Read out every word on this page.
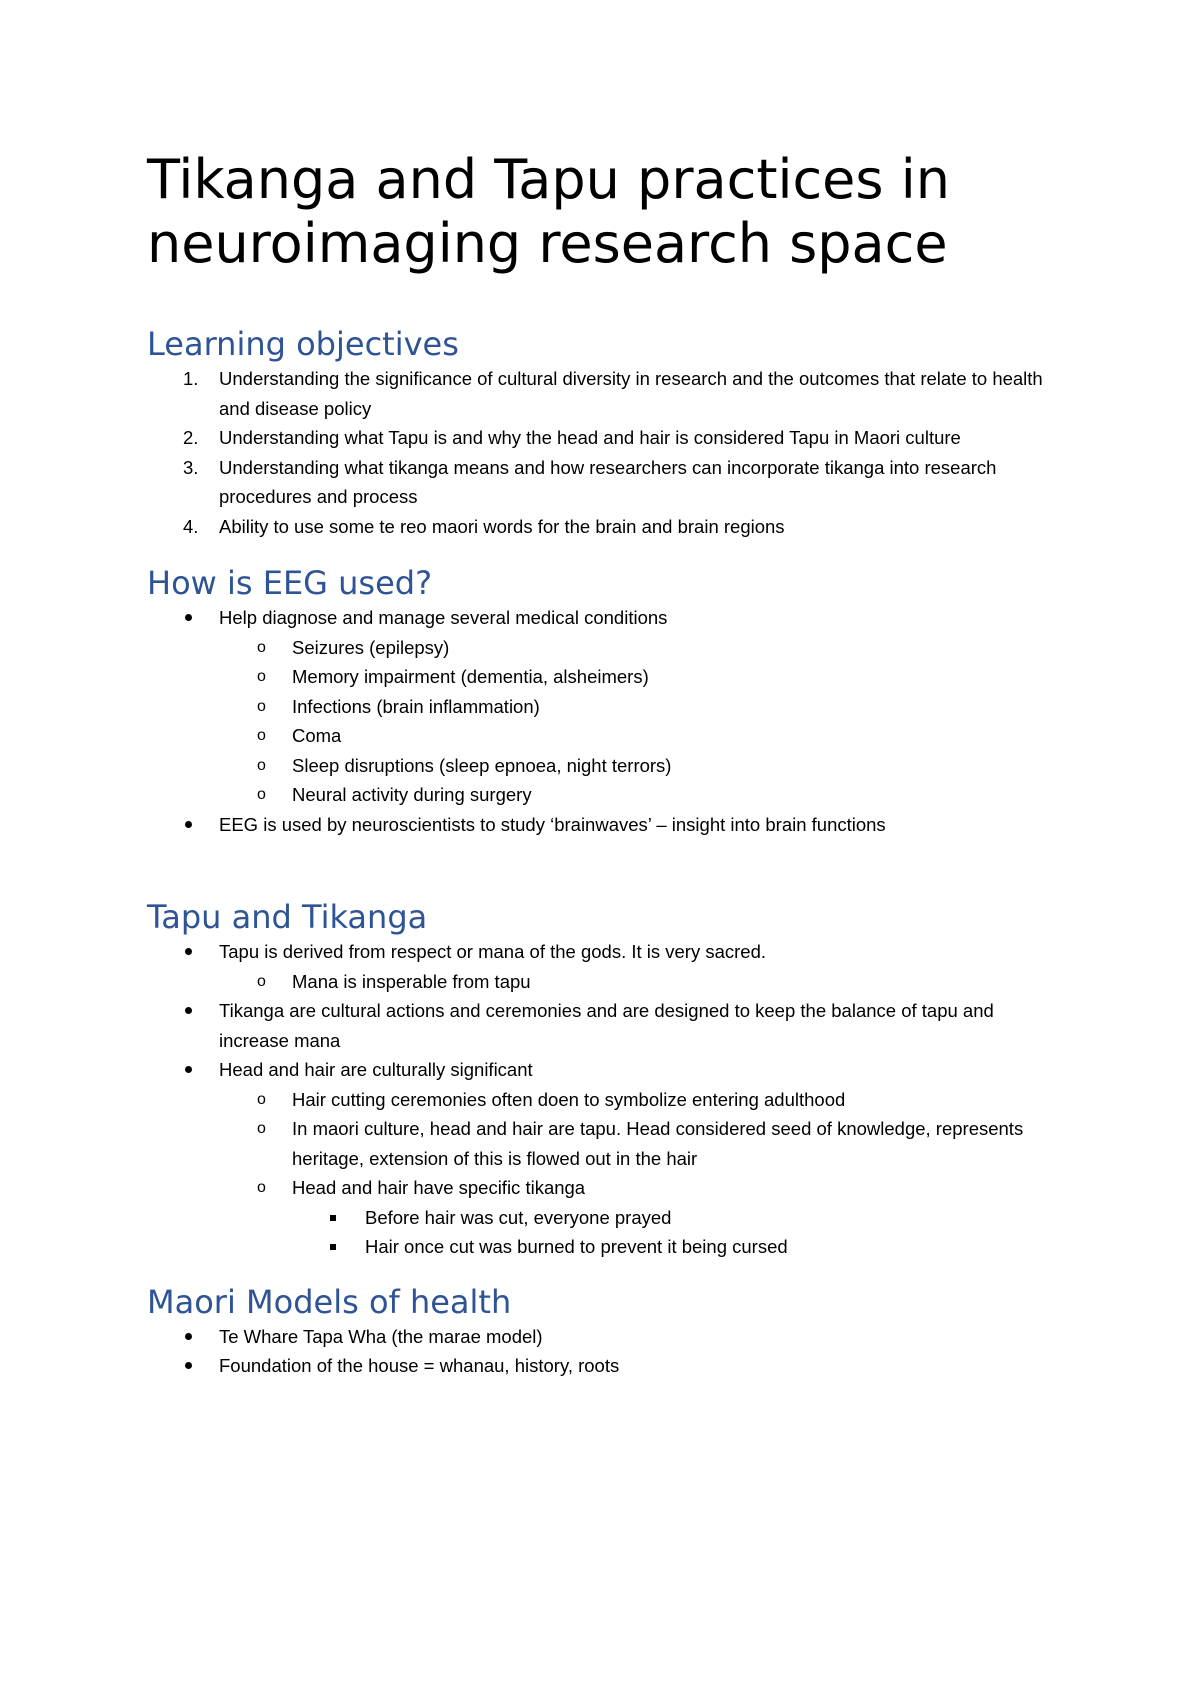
Tikanga and Tapu practices in neuroimaging research space
Learning objectives
1. Understanding the significance of cultural diversity in research and the outcomes that relate to health and disease policy
2. Understanding what Tapu is and why the head and hair is considered Tapu in Maori culture
3. Understanding what tikanga means and how researchers can incorporate tikanga into research procedures and process
4. Ability to use some te reo maori words for the brain and brain regions
How is EEG used?
Help diagnose and manage several medical conditions
o Seizures (epilepsy)
o Memory impairment (dementia, alsheimers)
o Infections (brain inflammation)
o Coma
o Sleep disruptions (sleep epnoea, night terrors)
o Neural activity during surgery
EEG is used by neuroscientists to study ‘brainwaves’ – insight into brain functions
Tapu and Tikanga
Tapu is derived from respect or mana of the gods. It is very sacred.
o Mana is insperable from tapu
Tikanga are cultural actions and ceremonies and are designed to keep the balance of tapu and increase mana
Head and hair are culturally significant
o Hair cutting ceremonies often doen to symbolize entering adulthood
o In maori culture, head and hair are tapu. Head considered seed of knowledge, represents heritage, extension of this is flowed out in the hair
o Head and hair have specific tikanga
Before hair was cut, everyone prayed
Hair once cut was burned to prevent it being cursed
Maori Models of health
Te Whare Tapa Wha (the marae model)
Foundation of the house = whanau, history, roots
